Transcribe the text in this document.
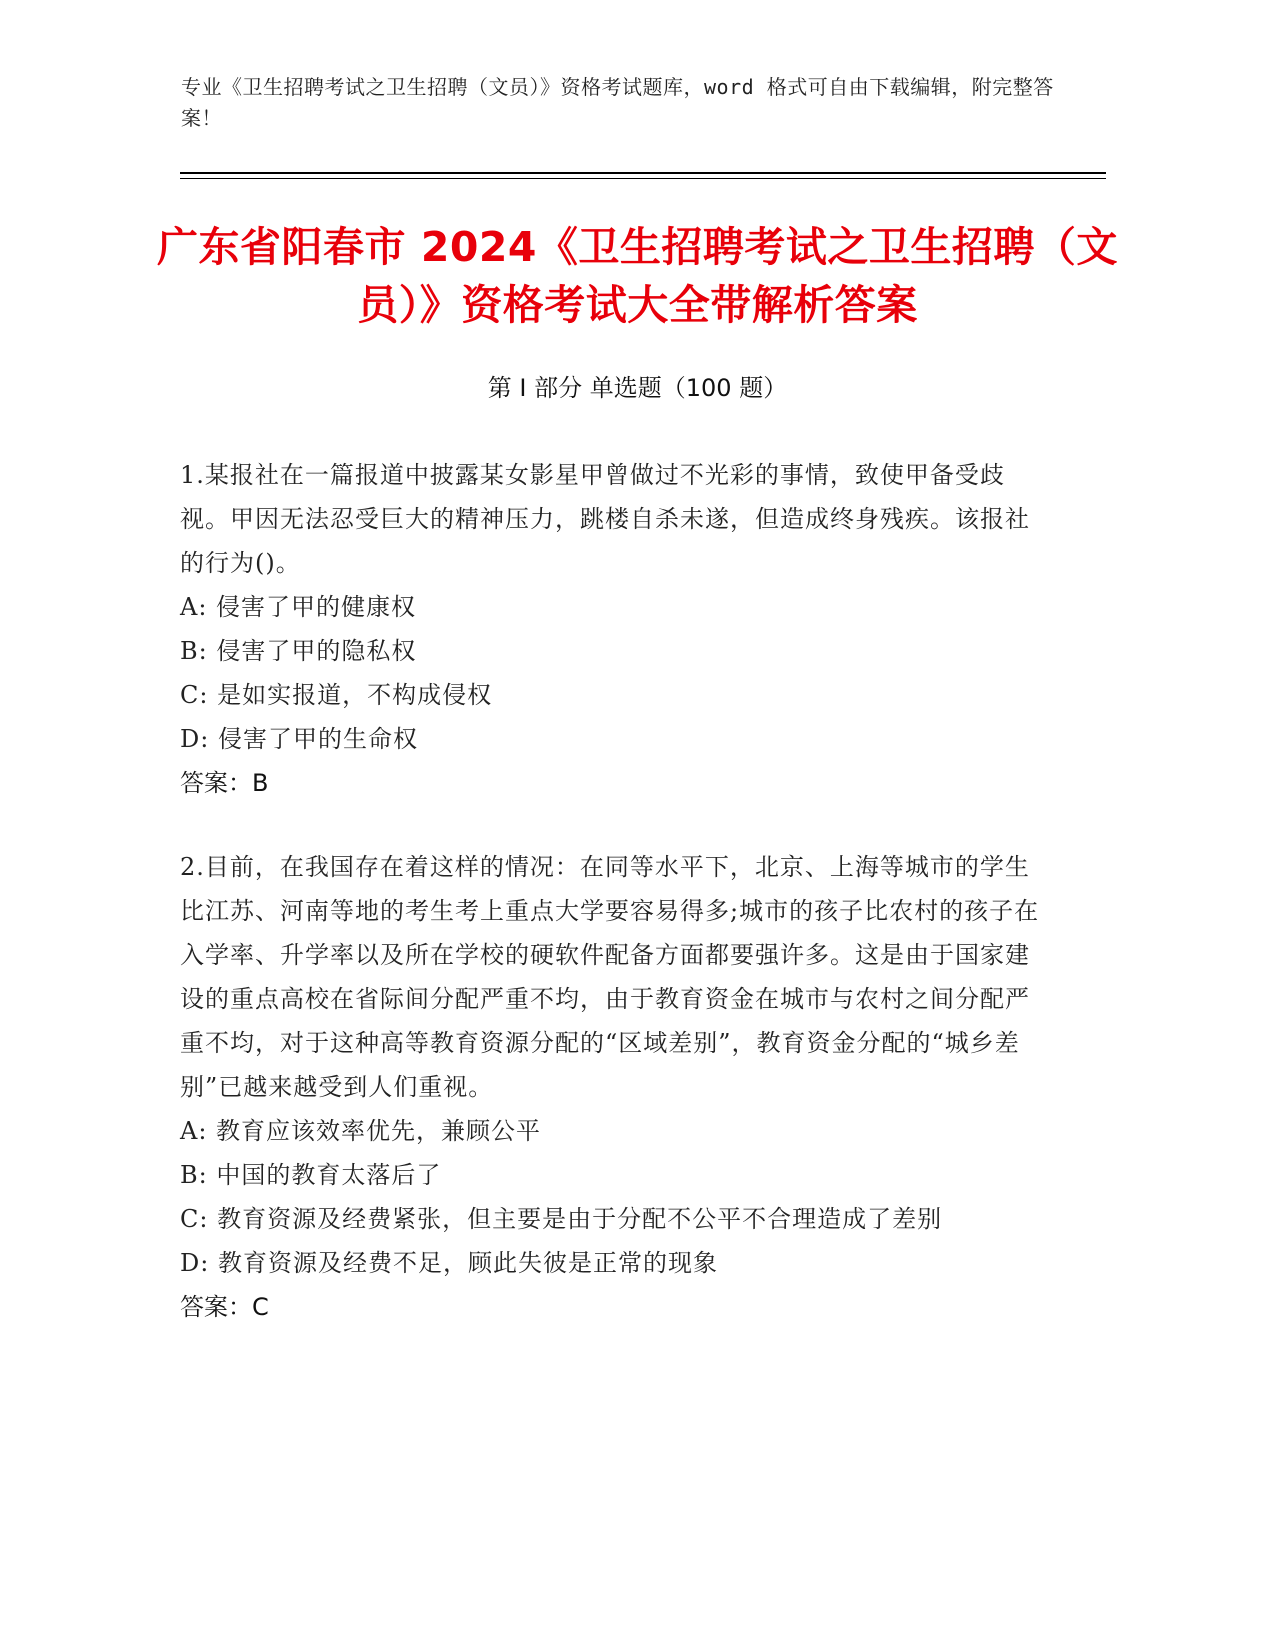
专业《卫生招聘考试之卫生招聘（文员）》资格考试题库，word 格式可自由下载编辑，附完整答案！
广东省阳春市 2024《卫生招聘考试之卫生招聘（文员）》资格考试大全带解析答案
第 I 部分 单选题（100 题）
1.某报社在一篇报道中披露某女影星甲曾做过不光彩的事情，致使甲备受歧视。甲因无法忍受巨大的精神压力，跳楼自杀未遂，但造成终身残疾。该报社的行为()。
A: 侵害了甲的健康权
B: 侵害了甲的隐私权
C: 是如实报道，不构成侵权
D: 侵害了甲的生命权
答案：B
2.目前，在我国存在着这样的情况：在同等水平下，北京、上海等城市的学生比江苏、河南等地的考生考上重点大学要容易得多;城市的孩子比农村的孩子在入学率、升学率以及所在学校的硬软件配备方面都要强许多。这是由于国家建设的重点高校在省际间分配严重不均，由于教育资金在城市与农村之间分配严重不均，对于这种高等教育资源分配的“区域差别”，教育资金分配的“城乡差别”已越来越受到人们重视。
A: 教育应该效率优先，兼顾公平
B: 中国的教育太落后了
C: 教育资源及经费紧张，但主要是由于分配不公平不合理造成了差别
D: 教育资源及经费不足，顾此失彼是正常的现象
答案：C
